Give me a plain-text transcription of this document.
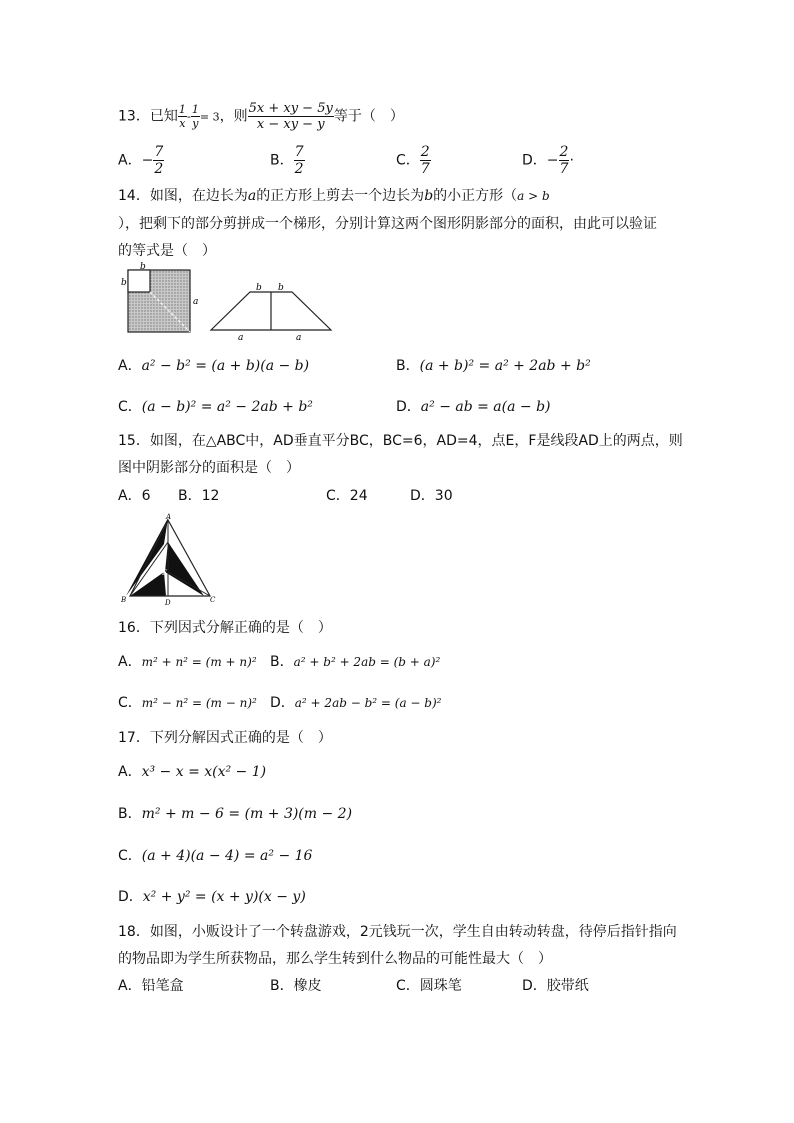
13．已知 $\frac{1}{x} - \frac{1}{y} = 3$，则 $\frac{5x + xy - 5y}{x - xy - y}$ 等于（　）
A．− $\frac{7}{2}$	B． $\frac{7}{2}$	C． $\frac{2}{7}$	D．− $\frac{2}{7}$ ·
14．如图，在边长为a的正方形上剪去一个边长为b的小正方形（a > b
），把剩下的部分剪拼成一个梯形，分别计算这两个图形阴影部分的面积，由此可以验证
的等式是（　）
b
b
a
b b
a	a
A．a² − b² = (a + b)(a − b)	B．(a + b)² = a² + 2ab + b²
C．(a − b)² = a² − 2ab + b²	D．a² − ab = a(a − b)
15．如图，在△ABC中，AD垂直平分BC，BC=6，AD=4，点E，F是线段AD上的两点，则
图中阴影部分的面积是（　）
A．6 B．12	C．24	D．30
A
E
F
B	D	C
16．下列因式分解正确的是（　）
A．m² + n² = (m + n)² B．a² + b² + 2ab = (b + a)²
C．m² − n² = (m − n)² D．a² + 2ab − b² = (a − b)²
17．下列分解因式正确的是（　）
A．x³ − x = x(x² − 1)
B．m² + m − 6 = (m + 3)(m − 2)
C．(a + 4)(a − 4) = a² − 16
D．x² + y² = (x + y)(x − y)
18．如图，小贩设计了一个转盘游戏，2元钱玩一次，学生自由转动转盘，待停后指针指向
的物品即为学生所获物品，那么学生转到什么物品的可能性最大（　）
A．铅笔盒	B．橡皮	C．圆珠笔	D．胶带纸
